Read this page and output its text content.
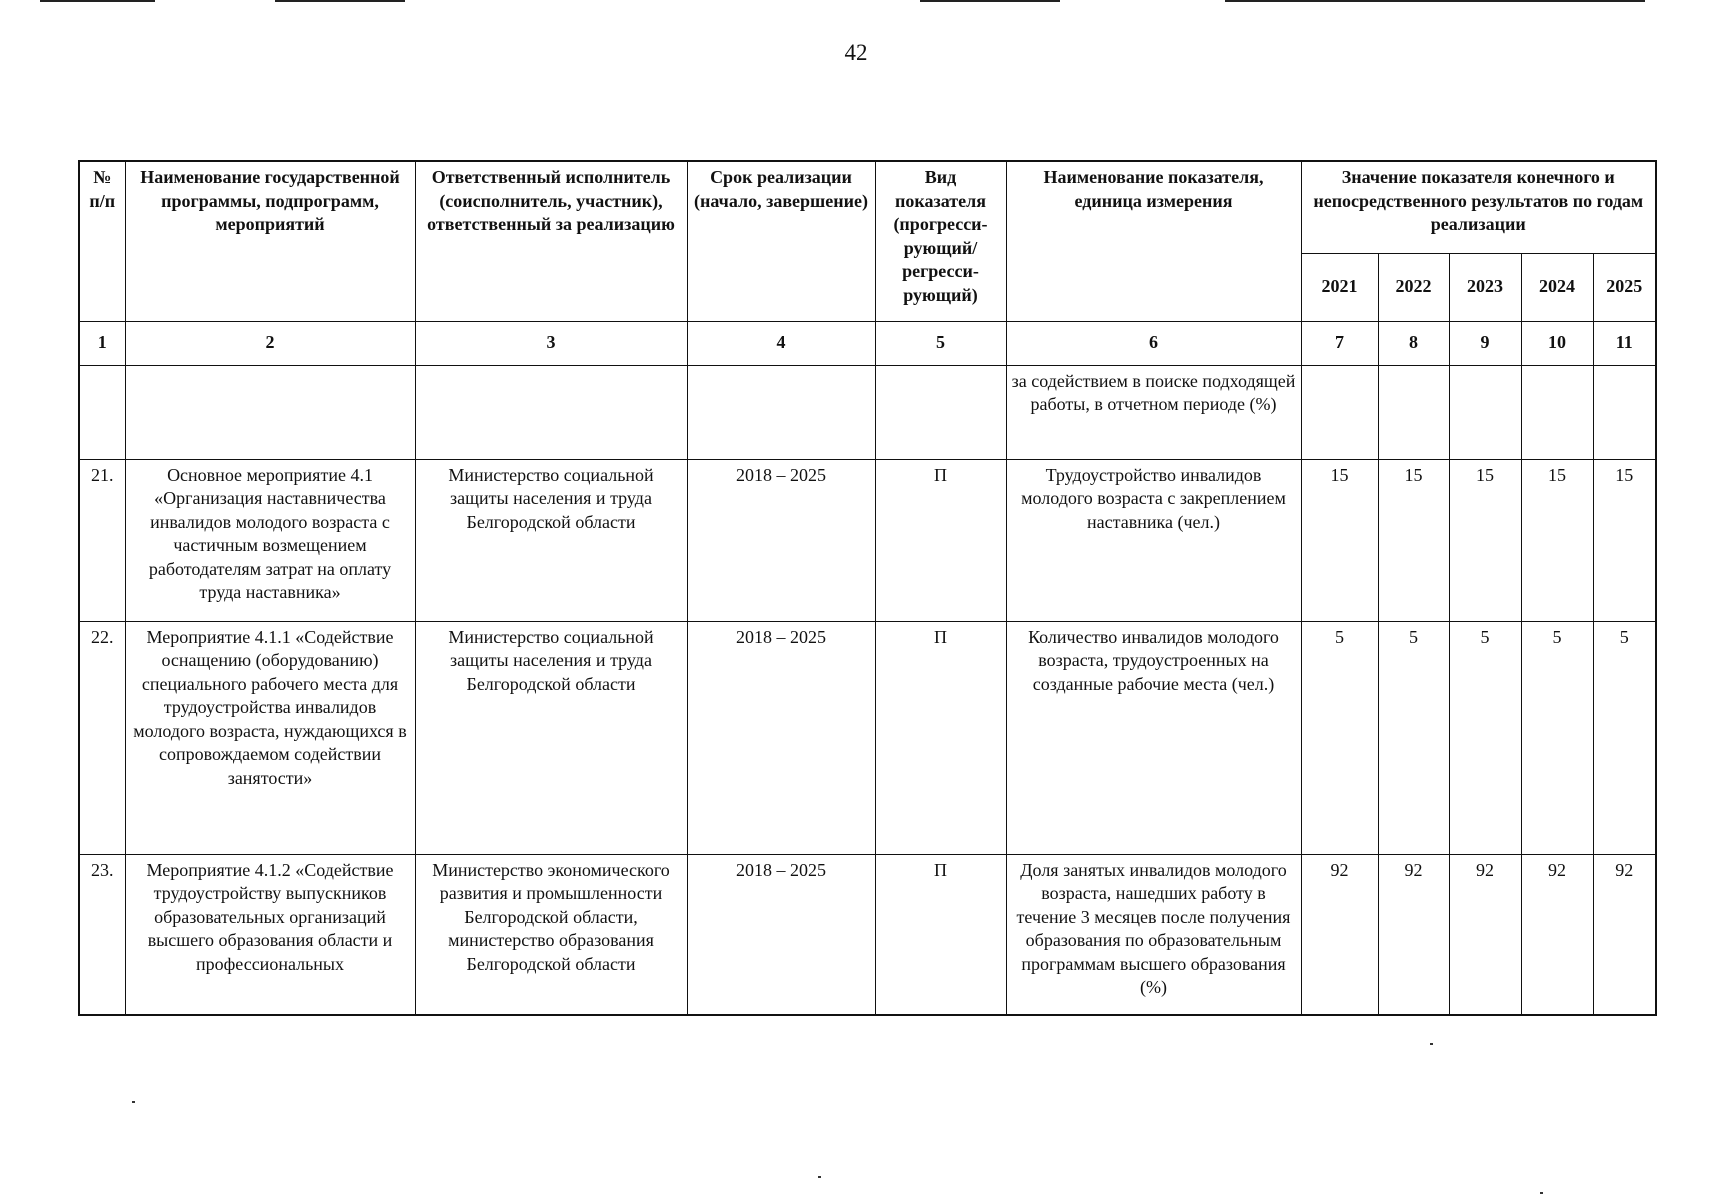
42
№ п/п	Наименование государственной программы, подпрограмм, мероприятий	Ответственный исполнитель (соисполнитель, участник), ответственный за реализацию	Срок реализации (начало, завершение)	Вид показателя (прогресси-рующий/ регресси-рующий)	Наименование показателя, единица измерения	Значение показателя конечного и непосредственного результатов по годам реализации				
						2021	2022	2023	2024	2025
1	2	3	4	5	6	7	8	9	10	11
					за содействием в поиске подходящей работы, в отчетном периоде (%)					
21.	Основное мероприятие 4.1 «Организация наставничества инвалидов молодого возраста с частичным возмещением работодателям затрат на оплату труда наставника»	Министерство социальной защиты населения и труда Белгородской области	2018 – 2025	П	Трудоустройство инвалидов молодого возраста с закреплением наставника (чел.)	15	15	15	15	15
22.	Мероприятие 4.1.1 «Содействие оснащению (оборудованию) специального рабочего места для трудоустройства инвалидов молодого возраста, нуждающихся в сопровождаемом содействии занятости»	Министерство социальной защиты населения и труда Белгородской области	2018 – 2025	П	Количество инвалидов молодого возраста, трудоустроенных на созданные рабочие места (чел.)	5	5	5	5	5
23.	Мероприятие 4.1.2 «Содействие трудоустройству выпускников образовательных организаций высшего образования области и профессиональных	Министерство экономического развития и промышленности Белгородской области, министерство образования Белгородской области	2018 – 2025	П	Доля занятых инвалидов молодого возраста, нашедших работу в течение 3 месяцев после получения образования по образовательным программам высшего образования (%)	92	92	92	92	92
